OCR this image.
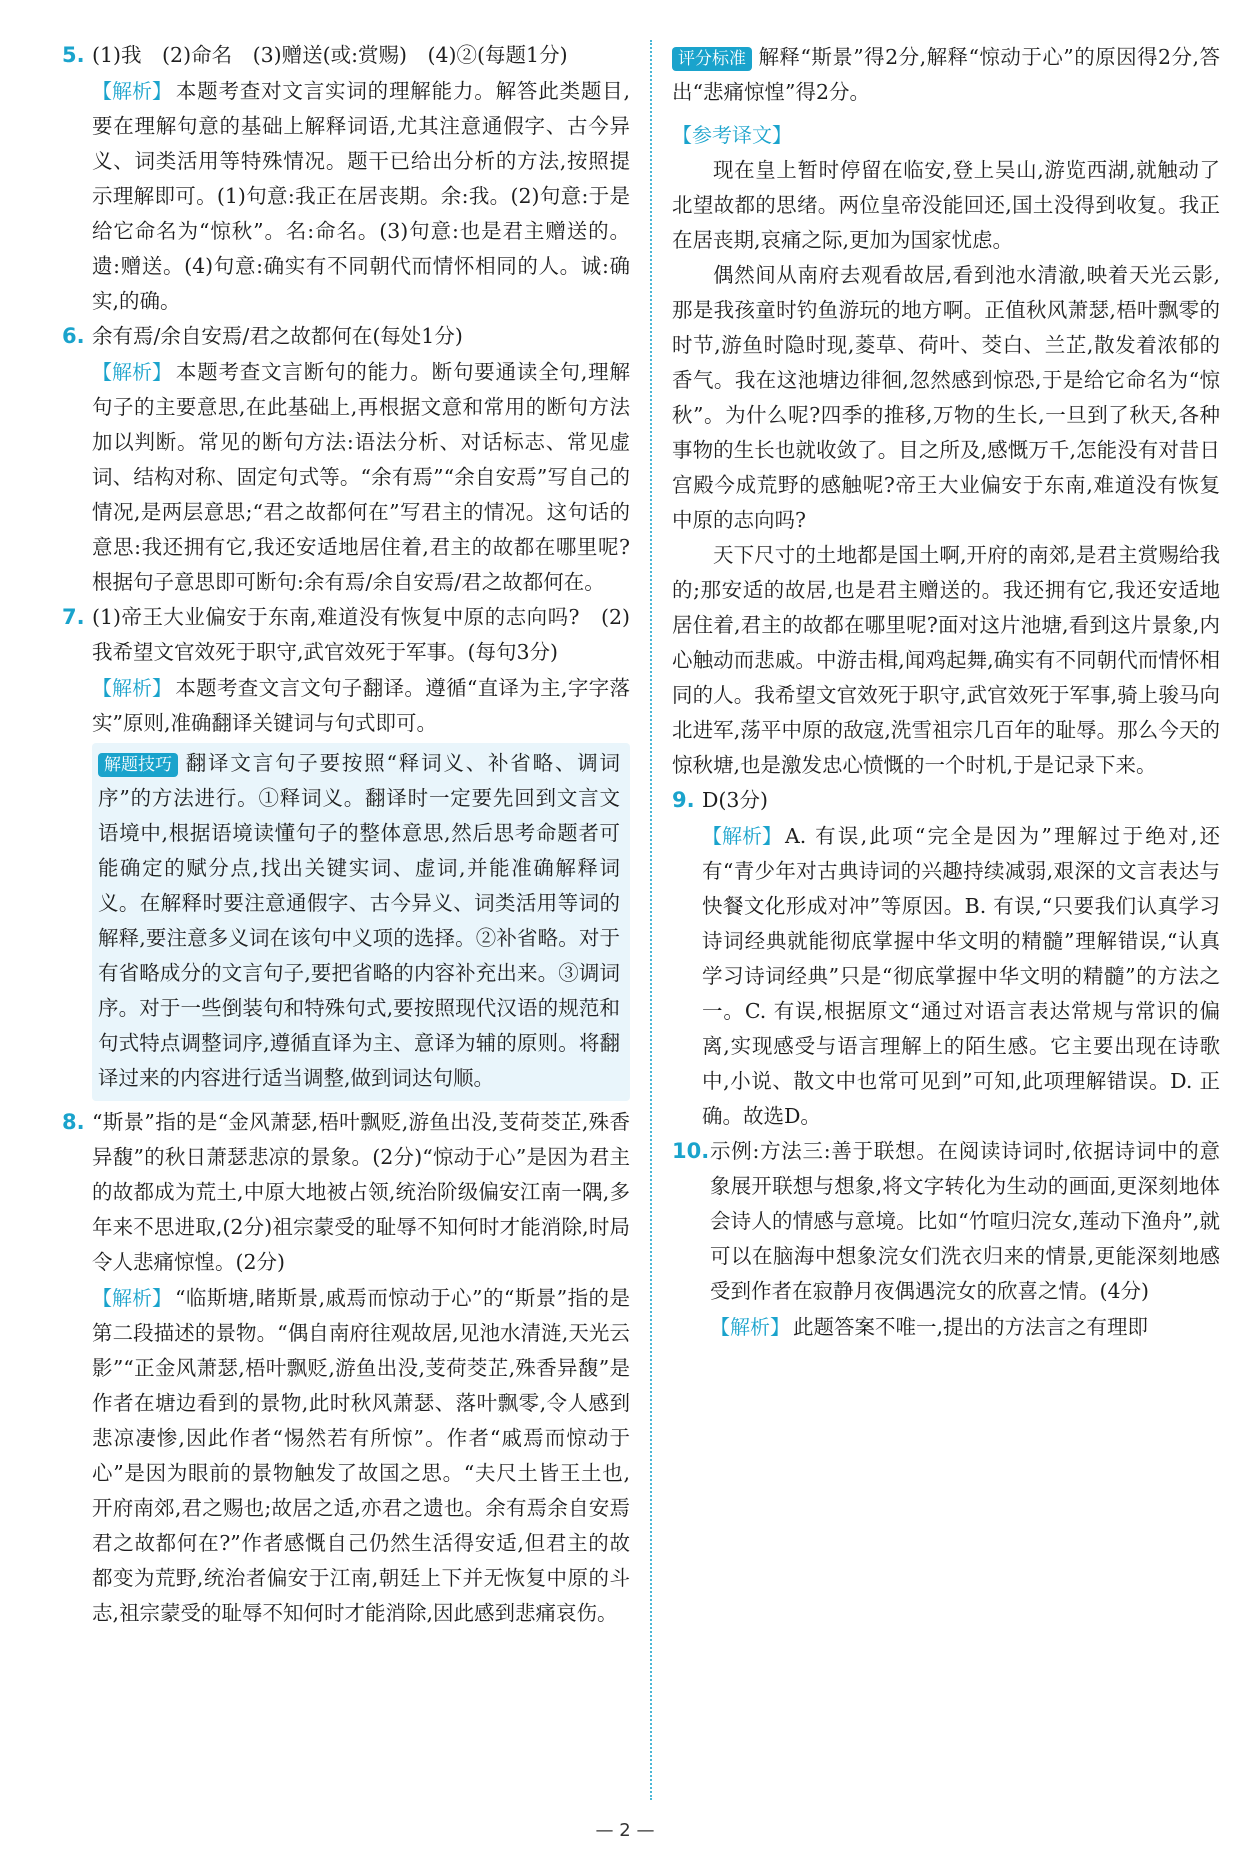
5. (1)我　(2)命名　(3)赠送(或:赏赐)　(4)②(每题1分)

【解析】 本题考查对文言实词的理解能力。解答此类题目,要在理解句意的基础上解释词语,尤其注意通假字、古今异义、词类活用等特殊情况。题干已给出分析的方法,按照提示理解即可。(1)句意:我正在居丧期。余:我。(2)句意:于是给它命名为“惊秋”。名:命名。(3)句意:也是君主赠送的。遗:赠送。(4)句意:确实有不同朝代而情怀相同的人。诚:确实,的确。

6. 余有焉/余自安焉/君之故都何在(每处1分)

【解析】 本题考查文言断句的能力。断句要通读全句,理解句子的主要意思,在此基础上,再根据文意和常用的断句方法加以判断。常见的断句方法:语法分析、对话标志、常见虚词、结构对称、固定句式等。“余有焉”“余自安焉”写自己的情况,是两层意思;“君之故都何在”写君主的情况。这句话的意思:我还拥有它,我还安适地居住着,君主的故都在哪里呢?根据句子意思即可断句:余有焉/余自安焉/君之故都何在。

7. (1)帝王大业偏安于东南,难道没有恢复中原的志向吗?　(2)我希望文官效死于职守,武官效死于军事。(每句3分)

【解析】 本题考查文言文句子翻译。遵循“直译为主,字字落实”原则,准确翻译关键词与句式即可。

解题技巧 翻译文言句子要按照“释词义、补省略、调词序”的方法进行。①释词义。翻译时一定要先回到文言文语境中,根据语境读懂句子的整体意思,然后思考命题者可能确定的赋分点,找出关键实词、虚词,并能准确解释词义。在解释时要注意通假字、古今异义、词类活用等词的解释,要注意多义词在该句中义项的选择。②补省略。对于有省略成分的文言句子,要把省略的内容补充出来。③调词序。对于一些倒装句和特殊句式,要按照现代汉语的规范和句式特点调整词序,遵循直译为主、意译为辅的原则。将翻译过来的内容进行适当调整,做到词达句顺。

8. “斯景”指的是“金风萧瑟,梧叶飘贬,游鱼出没,芰荷茭芷,殊香异馥”的秋日萧瑟悲凉的景象。(2分)“惊动于心”是因为君主的故都成为荒土,中原大地被占领,统治阶级偏安江南一隅,多年来不思进取,(2分)祖宗蒙受的耻辱不知何时才能消除,时局令人悲痛惊惶。(2分)

【解析】 “临斯塘,睹斯景,戚焉而惊动于心”的“斯景”指的是第二段描述的景物。“偶自南府往观故居,见池水清涟,天光云影”“正金风萧瑟,梧叶飘贬,游鱼出没,芰荷茭芷,殊香异馥”是作者在塘边看到的景物,此时秋风萧瑟、落叶飘零,令人感到悲凉凄惨,因此作者“惕然若有所惊”。作者“戚焉而惊动于心”是因为眼前的景物触发了故国之思。“夫尺土皆王土也,开府南郊,君之赐也;故居之适,亦君之遗也。余有焉余自安焉君之故都何在?”作者感慨自己仍然生活得安适,但君主的故都变为荒野,统治者偏安于江南,朝廷上下并无恢复中原的斗志,祖宗蒙受的耻辱不知何时才能消除,因此感到悲痛哀伤。

评分标准 解释“斯景”得2分,解释“惊动于心”的原因得2分,答出“悲痛惊惶”得2分。

【参考译文】

现在皇上暂时停留在临安,登上吴山,游览西湖,就触动了北望故都的思绪。两位皇帝没能回还,国土没得到收复。我正在居丧期,哀痛之际,更加为国家忧虑。

偶然间从南府去观看故居,看到池水清澈,映着天光云影,那是我孩童时钓鱼游玩的地方啊。正值秋风萧瑟,梧叶飘零的时节,游鱼时隐时现,菱草、荷叶、茭白、兰芷,散发着浓郁的香气。我在这池塘边徘徊,忽然感到惊恐,于是给它命名为“惊秋”。为什么呢?四季的推移,万物的生长,一旦到了秋天,各种事物的生长也就收敛了。目之所及,感慨万千,怎能没有对昔日宫殿今成荒野的感触呢?帝王大业偏安于东南,难道没有恢复中原的志向吗?

天下尺寸的土地都是国土啊,开府的南郊,是君主赏赐给我的;那安适的故居,也是君主赠送的。我还拥有它,我还安适地居住着,君主的故都在哪里呢?面对这片池塘,看到这片景象,内心触动而悲戚。中游击楫,闻鸡起舞,确实有不同朝代而情怀相同的人。我希望文官效死于职守,武官效死于军事,骑上骏马向北进军,荡平中原的敌寇,洗雪祖宗几百年的耻辱。那么今天的惊秋塘,也是激发忠心愤慨的一个时机,于是记录下来。

9. D(3分)

【解析】 A. 有误,此项“完全是因为”理解过于绝对,还有“青少年对古典诗词的兴趣持续减弱,艰深的文言表达与快餐文化形成对冲”等原因。B. 有误,“只要我们认真学习诗词经典就能彻底掌握中华文明的精髓”理解错误,“认真学习诗词经典”只是“彻底掌握中华文明的精髓”的方法之一。C. 有误,根据原文“通过对语言表达常规与常识的偏离,实现感受与语言理解上的陌生感。它主要出现在诗歌中,小说、散文中也常可见到”可知,此项理解错误。D. 正确。故选D。

10. 示例:方法三:善于联想。在阅读诗词时,依据诗词中的意象展开联想与想象,将文字转化为生动的画面,更深刻地体会诗人的情感与意境。比如“竹喧归浣女,莲动下渔舟”,就可以在脑海中想象浣女们洗衣归来的情景,更能深刻地感受到作者在寂静月夜偶遇浣女的欣喜之情。(4分)

【解析】 此题答案不唯一,提出的方法言之有理即

— 2 —
